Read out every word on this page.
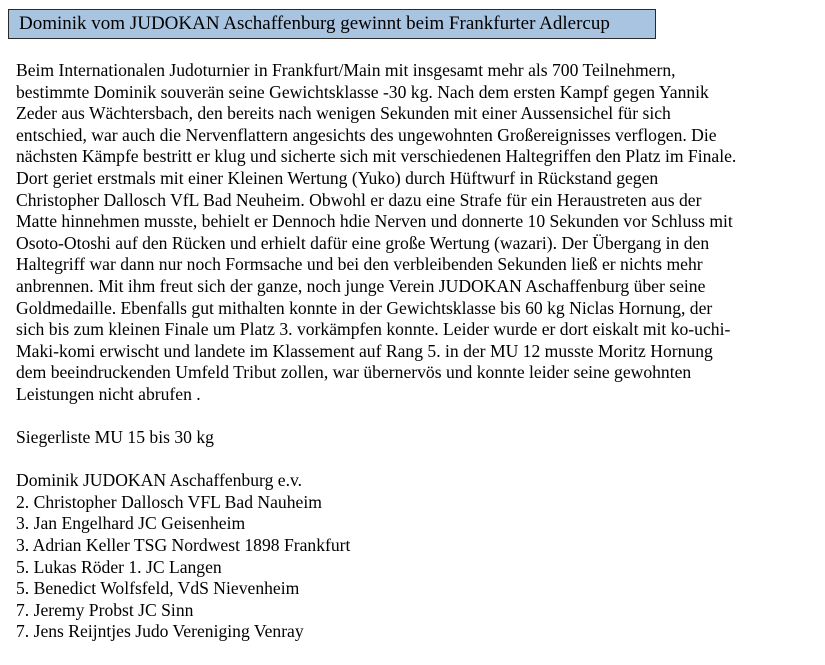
Dominik vom JUDOKAN Aschaffenburg gewinnt beim Frankfurter Adlercup
Beim Internationalen Judoturnier in Frankfurt/Main mit insgesamt mehr als 700 Teilnehmern,
bestimmte Dominik souverän seine Gewichtsklasse -30 kg. Nach dem ersten Kampf gegen Yannik
Zeder aus Wächtersbach, den bereits nach wenigen Sekunden mit einer Aussensichel für sich
entschied, war auch die Nervenflattern angesichts des ungewohnten Großereignisses verflogen. Die
nächsten Kämpfe bestritt er klug und sicherte sich mit verschiedenen Haltegriffen den Platz im Finale.
Dort geriet erstmals mit einer Kleinen Wertung (Yuko) durch Hüftwurf in Rückstand gegen
Christopher Dallosch VfL Bad Neuheim. Obwohl er dazu eine Strafe für ein Heraustreten aus der
Matte hinnehmen musste, behielt er Dennoch hdie Nerven und donnerte 10 Sekunden vor Schluss mit
Osoto-Otoshi auf den Rücken und erhielt dafür eine große Wertung (wazari). Der Übergang in den
Haltegriff war dann nur noch Formsache und bei den verbleibenden Sekunden ließ er nichts mehr
anbrennen. Mit ihm freut sich der ganze, noch junge Verein JUDOKAN Aschaffenburg über seine
Goldmedaille. Ebenfalls gut mithalten konnte in der Gewichtsklasse bis 60 kg Niclas Hornung, der
sich bis zum kleinen Finale um Platz 3. vorkämpfen konnte. Leider wurde er dort eiskalt mit ko-uchi-
Maki-komi erwischt und landete im Klassement auf Rang 5. in der MU 12 musste Moritz Hornung
dem beeindruckenden Umfeld Tribut zollen, war übernervös und konnte leider seine gewohnten
Leistungen nicht abrufen .
Siegerliste MU 15 bis 30 kg
Dominik JUDOKAN Aschaffenburg e.v.
2. Christopher Dallosch VFL Bad Nauheim
3. Jan Engelhard JC Geisenheim
3. Adrian Keller TSG Nordwest 1898 Frankfurt
5. Lukas Röder 1. JC Langen
5. Benedict Wolfsfeld, VdS Nievenheim
7. Jeremy Probst JC Sinn
7. Jens Reijntjes Judo Vereniging Venray
